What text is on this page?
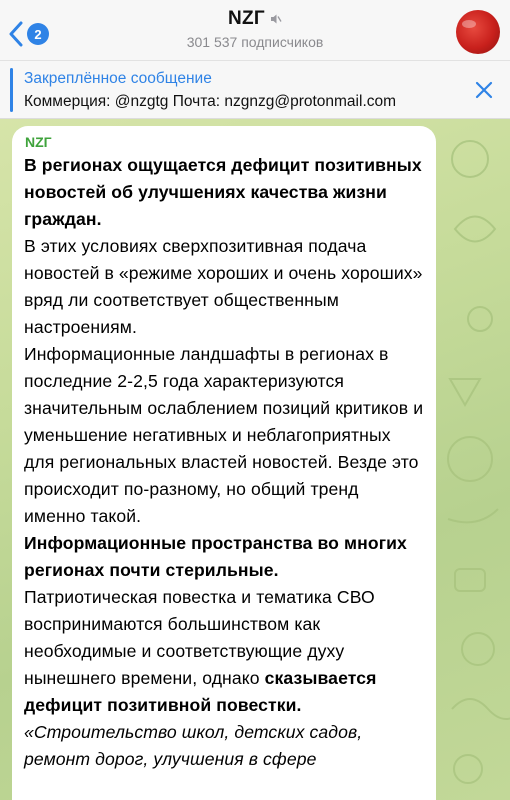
2
NZГ
301 537 подписчиков
Закреплённое сообщение
Коммерция: @nzgtg Почта: nzgnzg@protonmail.com
NZГ

В регионах ощущается дефицит позитивных новостей об улучшениях качества жизни граждан.

В этих условиях сверхпозитивная подача новостей в «режиме хороших и очень хороших» вряд ли соответствует общественным настроениям.

Информационные ландшафты в регионах в последние 2-2,5 года характеризуются значительным ослаблением позиций критиков и уменьшение негативных и неблагоприятных для региональных властей новостей. Везде это происходит по-разному, но общий тренд именно такой.

Информационные пространства во многих регионах почти стерильные.

Патриотическая повестка и тематика СВО воспринимаются большинством как необходимые и соответствующие духу нынешнего времени, однако сказывается дефицит позитивной повестки. «Строительство школ, детских садов, ремонт дорог, улучшения в сфере
